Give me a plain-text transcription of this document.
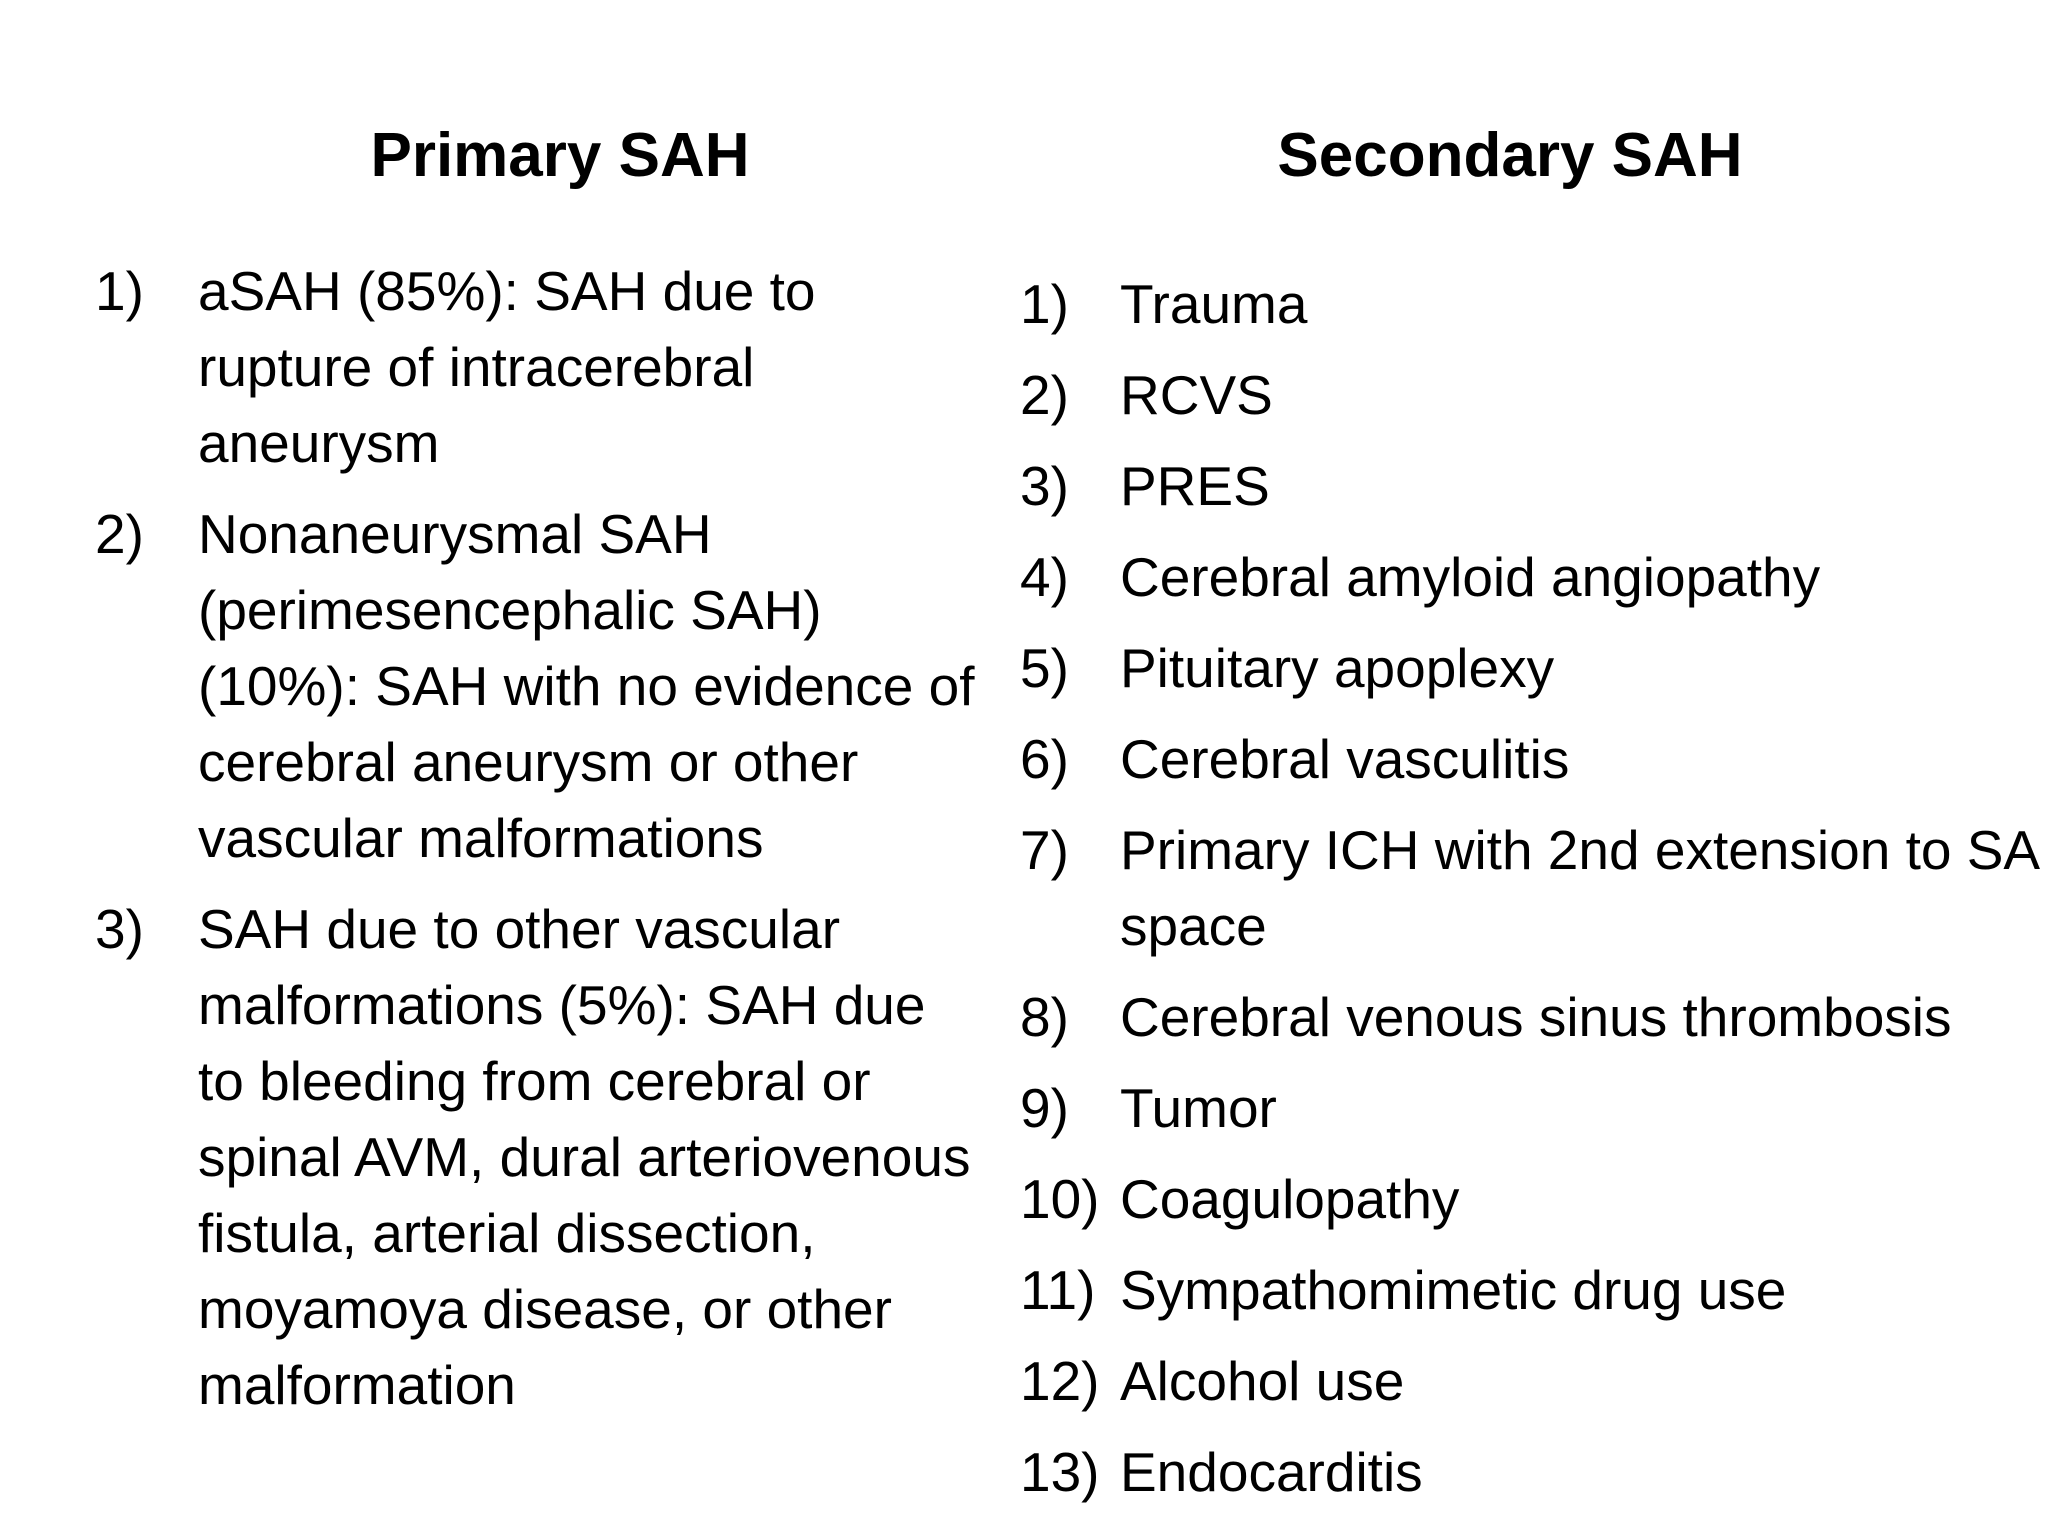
Primary SAH
1) aSAH (85%): SAH due to rupture of intracerebral aneurysm
2) Nonaneurysmal SAH (perimesencephalic SAH) (10%): SAH with no evidence of cerebral aneurysm or other vascular malformations
3) SAH due to other vascular malformations (5%): SAH due to bleeding from cerebral or spinal AVM, dural arteriovenous fistula, arterial dissection, moyamoya disease, or other malformation
Secondary SAH
1) Trauma
2) RCVS
3) PRES
4) Cerebral amyloid angiopathy
5) Pituitary apoplexy
6) Cerebral vasculitis
7) Primary ICH with 2nd extension to SA space
8) Cerebral venous sinus thrombosis
9) Tumor
10) Coagulopathy
11) Sympathomimetic drug use
12) Alcohol use
13) Endocarditis
